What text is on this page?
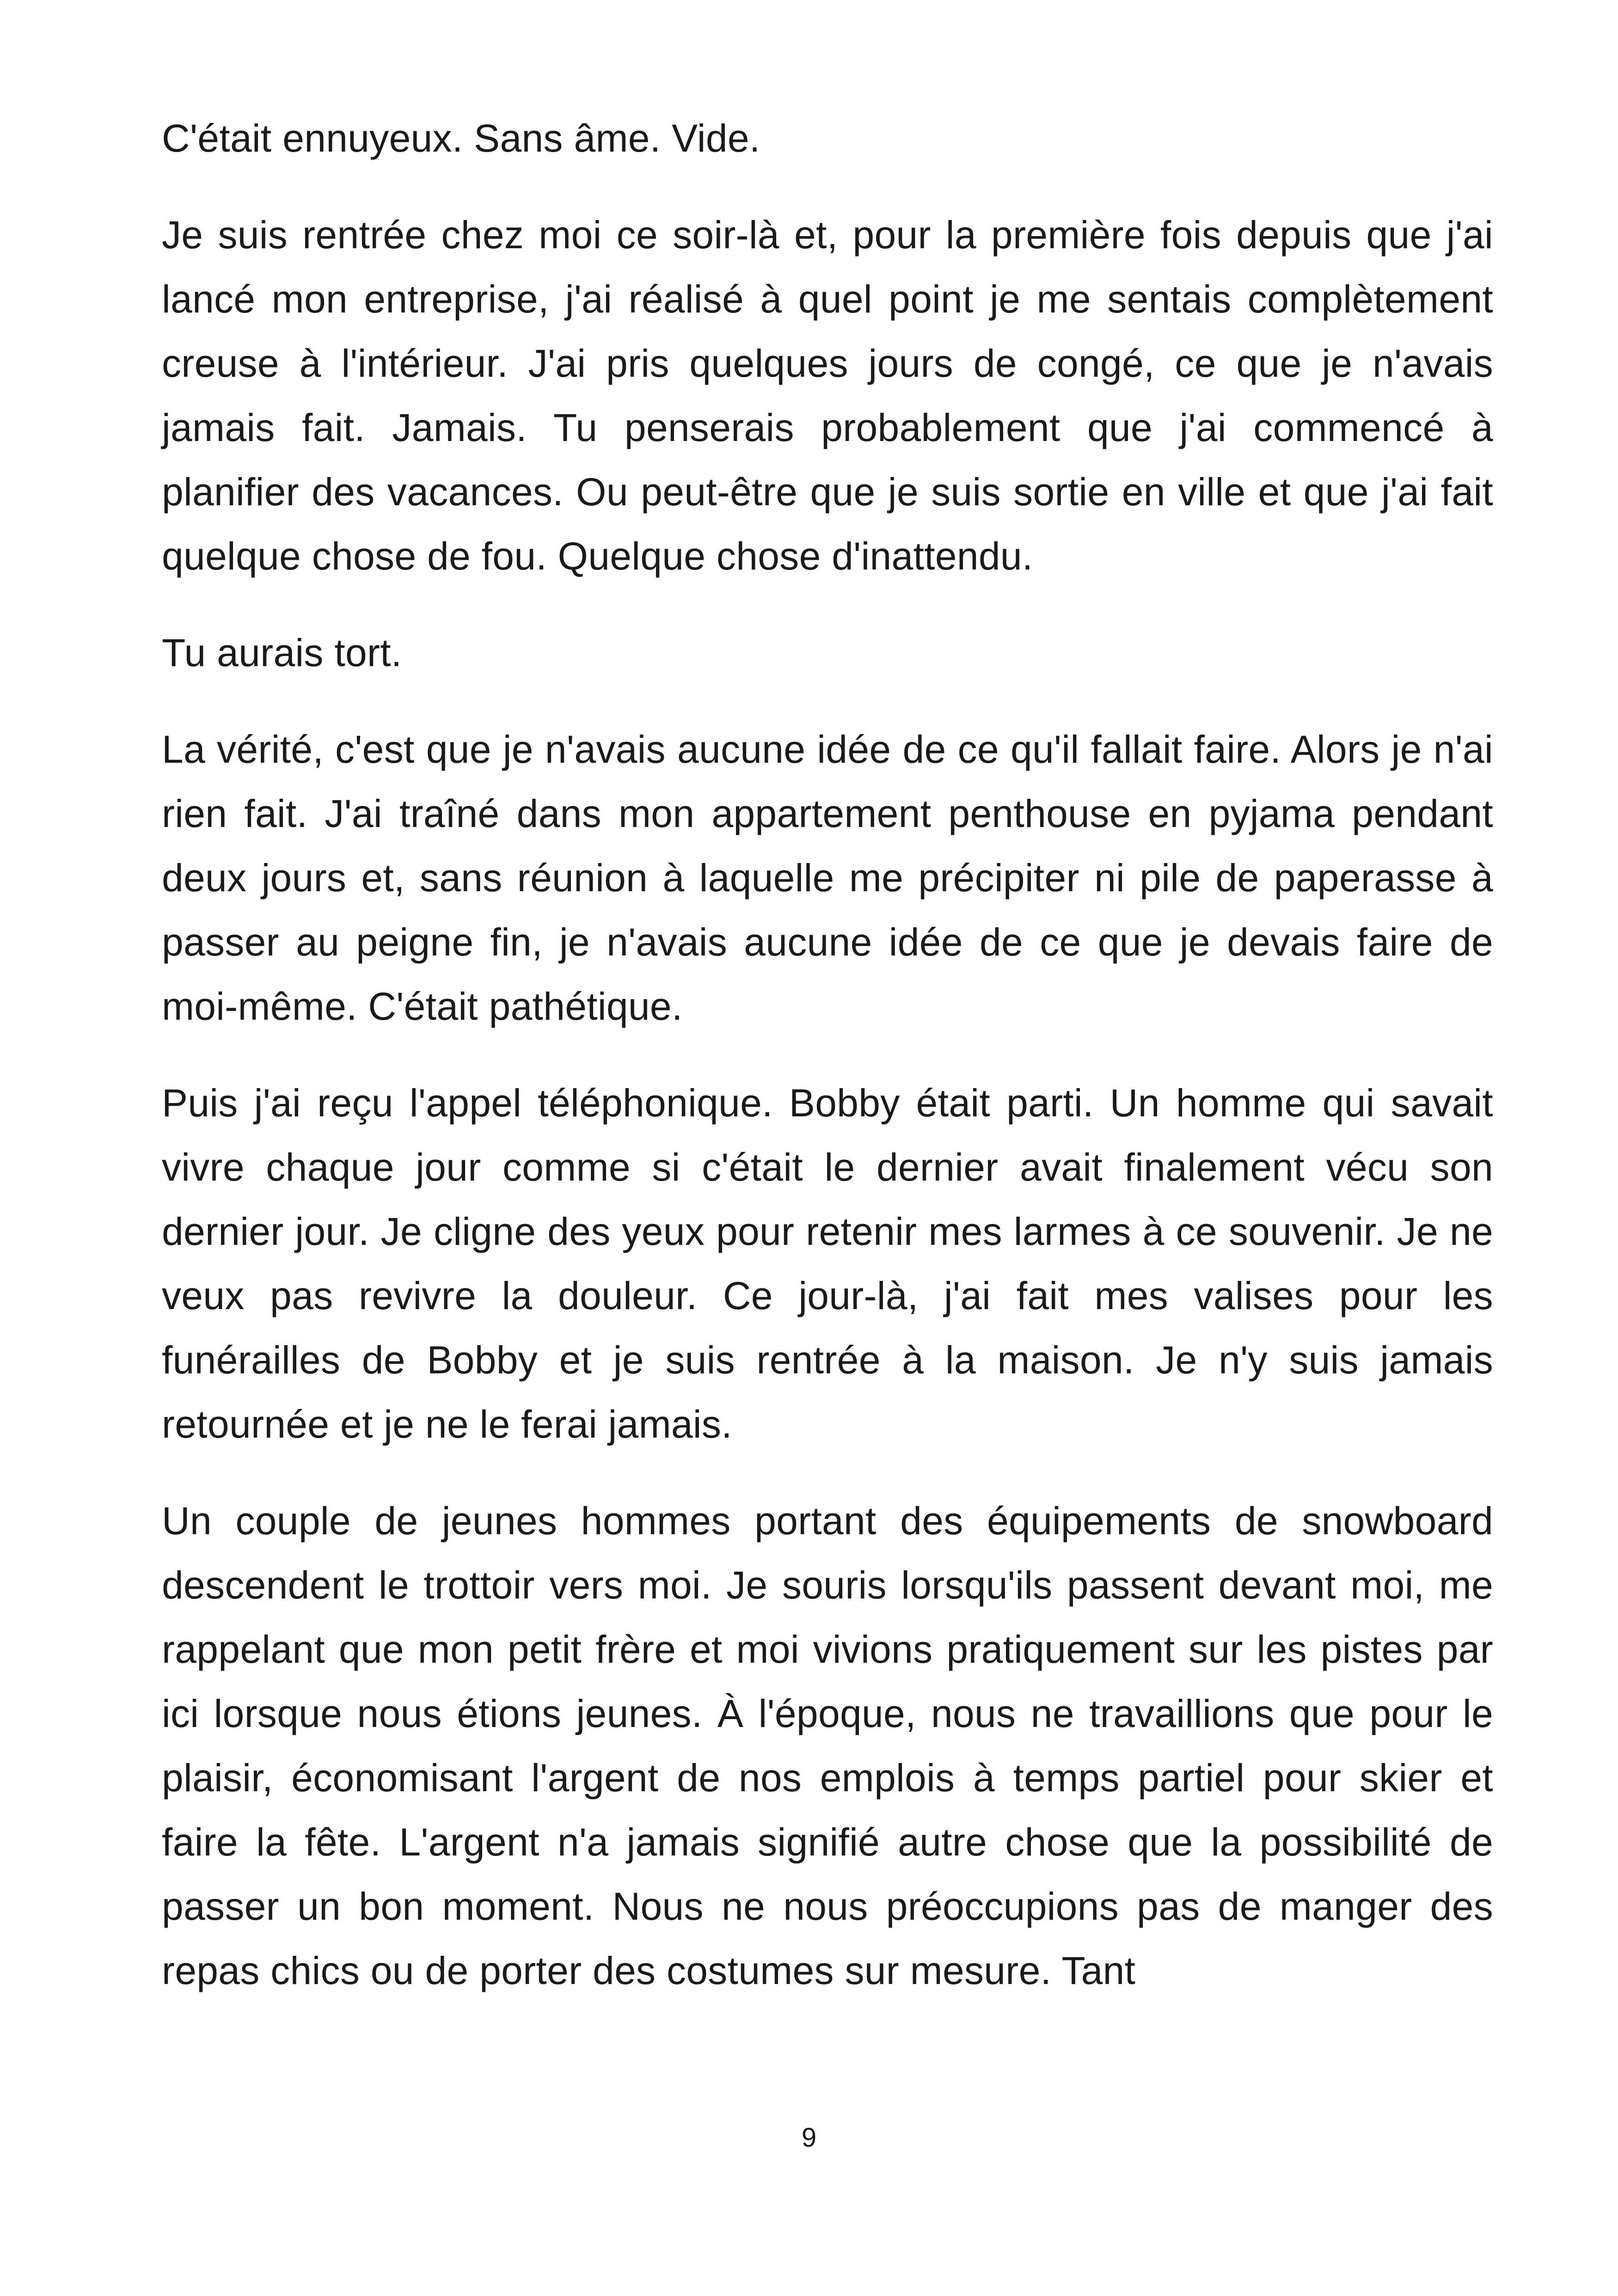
C'était ennuyeux. Sans âme. Vide.

Je suis rentrée chez moi ce soir-là et, pour la première fois depuis que j'ai lancé mon entreprise, j'ai réalisé à quel point je me sentais complètement creuse à l'intérieur. J'ai pris quelques jours de congé, ce que je n'avais jamais fait. Jamais. Tu penserais probablement que j'ai commencé à planifier des vacances. Ou peut-être que je suis sortie en ville et que j'ai fait quelque chose de fou. Quelque chose d'inattendu.

Tu aurais tort.

La vérité, c'est que je n'avais aucune idée de ce qu'il fallait faire. Alors je n'ai rien fait. J'ai traîné dans mon appartement penthouse en pyjama pendant deux jours et, sans réunion à laquelle me précipiter ni pile de paperasse à passer au peigne fin, je n'avais aucune idée de ce que je devais faire de moi-même. C'était pathétique.

Puis j'ai reçu l'appel téléphonique. Bobby était parti. Un homme qui savait vivre chaque jour comme si c'était le dernier avait finalement vécu son dernier jour. Je cligne des yeux pour retenir mes larmes à ce souvenir. Je ne veux pas revivre la douleur. Ce jour-là, j'ai fait mes valises pour les funérailles de Bobby et je suis rentrée à la maison. Je n'y suis jamais retournée et je ne le ferai jamais.

Un couple de jeunes hommes portant des équipements de snowboard descendent le trottoir vers moi. Je souris lorsqu'ils passent devant moi, me rappelant que mon petit frère et moi vivions pratiquement sur les pistes par ici lorsque nous étions jeunes. À l'époque, nous ne travaillions que pour le plaisir, économisant l'argent de nos emplois à temps partiel pour skier et faire la fête. L'argent n'a jamais signifié autre chose que la possibilité de passer un bon moment. Nous ne nous préoccupions pas de manger des repas chics ou de porter des costumes sur mesure. Tant

9
